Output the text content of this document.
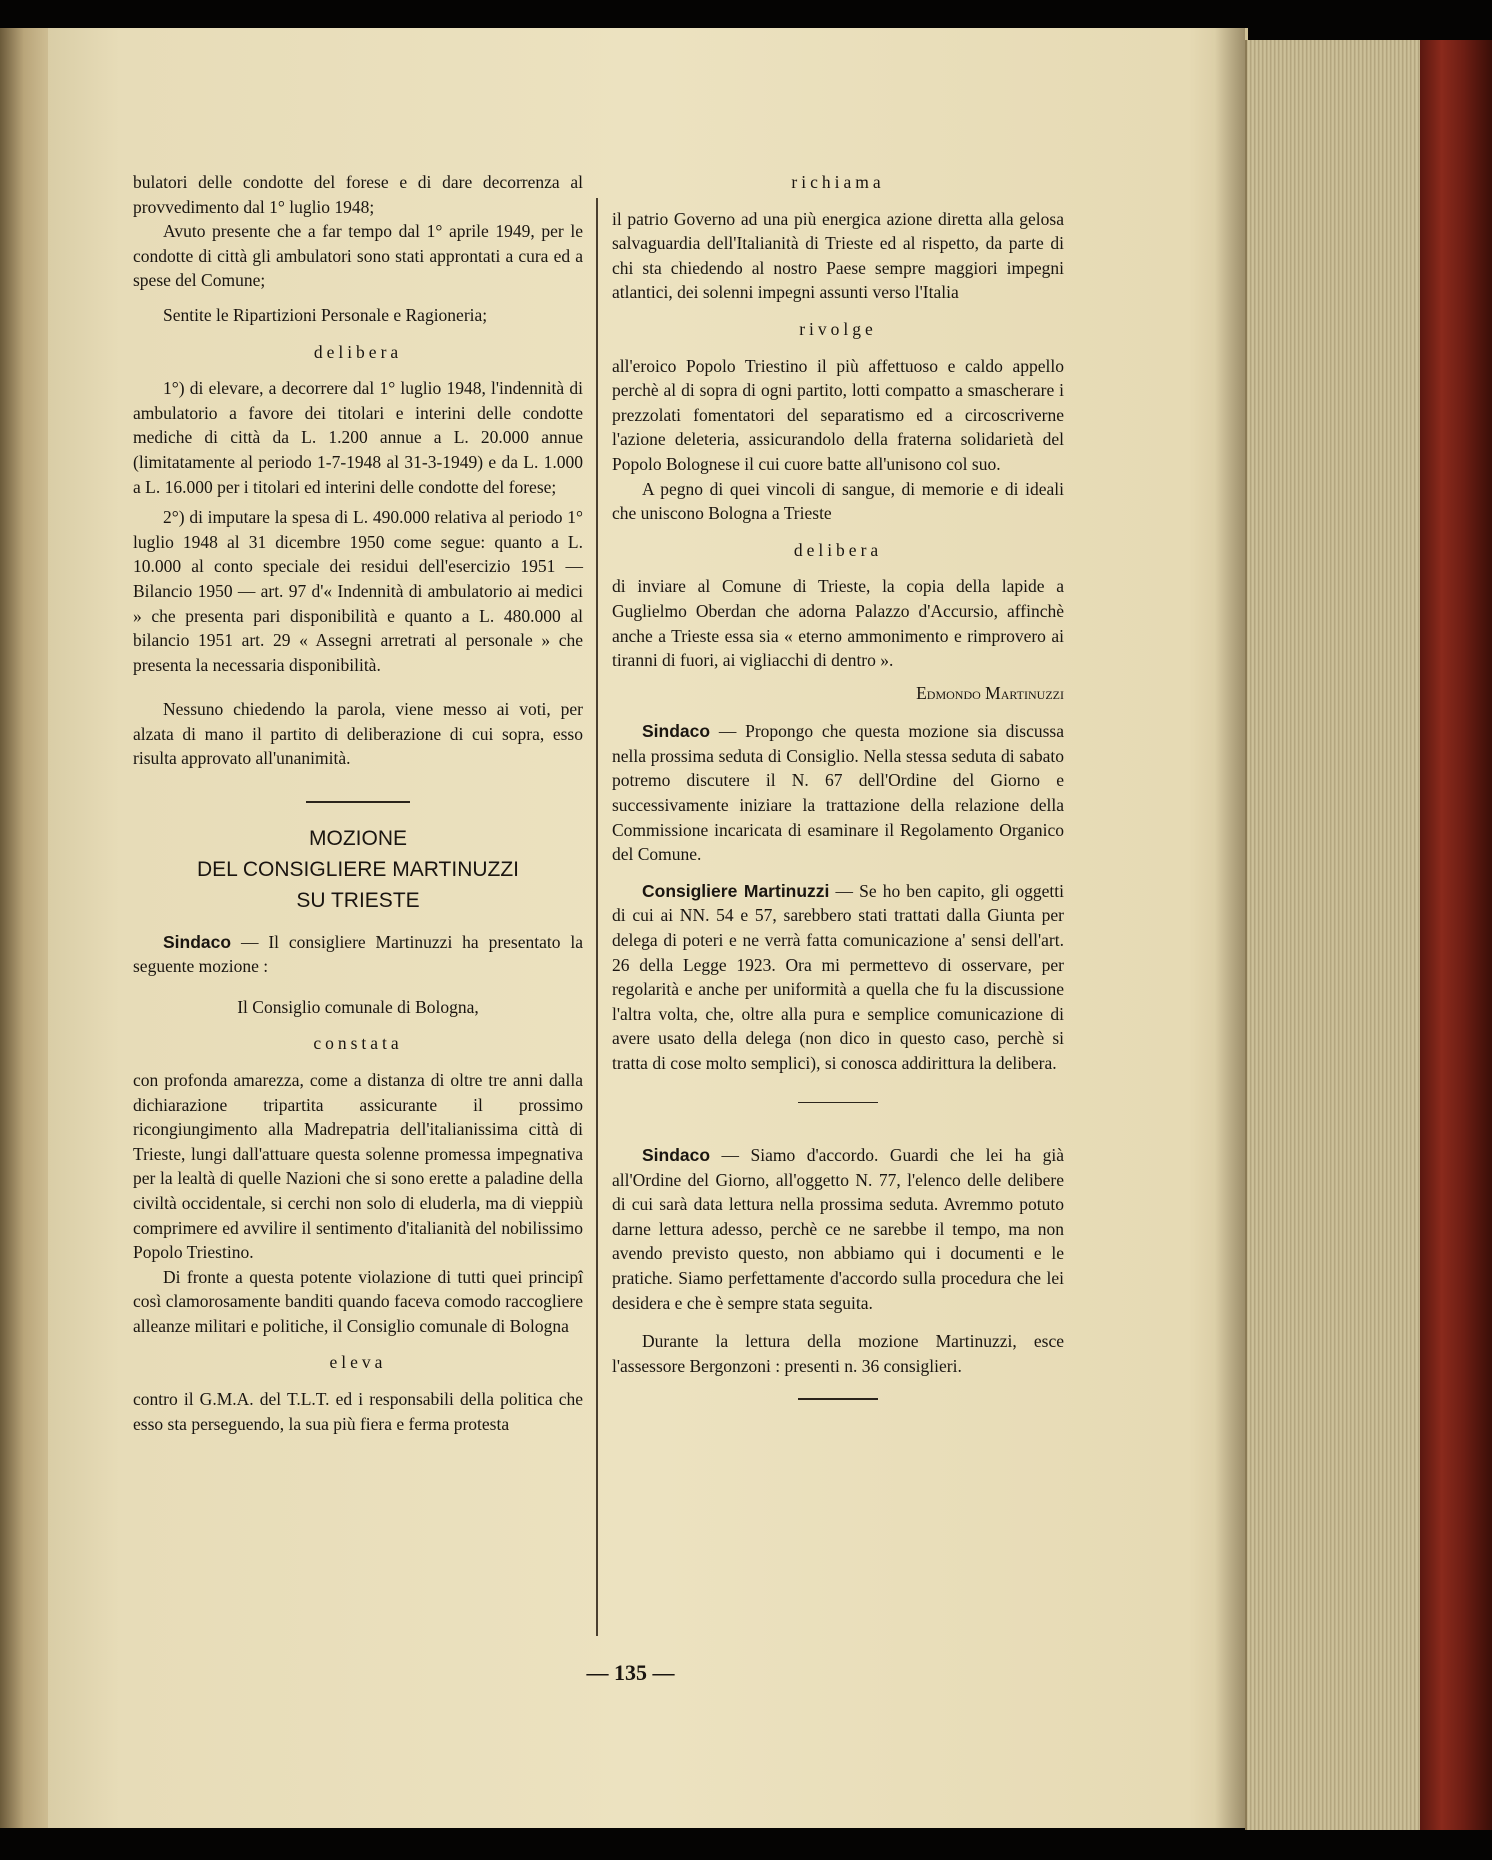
bulatori delle condotte del forese e di dare decorrenza al provvedimento dal 1° luglio 1948;

Avuto presente che a far tempo dal 1° aprile 1949, per le condotte di città gli ambulatori sono stati approntati a cura ed a spese del Comune;

Sentite le Ripartizioni Personale e Ragioneria;

delibera

1°) di elevare, a decorrere dal 1° luglio 1948, l'indennità di ambulatorio a favore dei titolari e interini delle condotte mediche di città da L. 1.200 annue a L. 20.000 annue (limitatamente al periodo 1-7-1948 al 31-3-1949) e da L. 1.000 a L. 16.000 per i titolari ed interini delle condotte del forese;

2°) di imputare la spesa di L. 490.000 relativa al periodo 1° luglio 1948 al 31 dicembre 1950 come segue: quanto a L. 10.000 al conto speciale dei residui dell'esercizio 1951 — Bilancio 1950 — art. 97 d'« Indennità di ambulatorio ai medici » che presenta pari disponibilità e quanto a L. 480.000 al bilancio 1951 art. 29 « Assegni arretrati al personale » che presenta la necessaria disponibilità.

Nessuno chiedendo la parola, viene messo ai voti, per alzata di mano il partito di deliberazione di cui sopra, esso risulta approvato all'unanimità.

MOZIONE
DEL CONSIGLIERE MARTINUZZI
SU TRIESTE

Sindaco — Il consigliere Martinuzzi ha presentato la seguente mozione :

Il Consiglio comunale di Bologna,

constata

con profonda amarezza, come a distanza di oltre tre anni dalla dichiarazione tripartita assicurante il prossimo ricongiungimento alla Madrepatria dell'italianissima città di Trieste, lungi dall'attuare questa solenne promessa impegnativa per la lealtà di quelle Nazioni che si sono erette a paladine della civiltà occidentale, si cerchi non solo di eluderla, ma di vieppiù comprimere ed avvilire il sentimento d'italianità del nobilissimo Popolo Triestino.

Di fronte a questa potente violazione di tutti quei principî così clamorosamente banditi quando faceva comodo raccogliere alleanze militari e politiche, il Consiglio comunale di Bologna

eleva

contro il G.M.A. del T.L.T. ed i responsabili della politica che esso sta perseguendo, la sua più fiera e ferma protesta

richiama

il patrio Governo ad una più energica azione diretta alla gelosa salvaguardia dell'Italianità di Trieste ed al rispetto, da parte di chi sta chiedendo al nostro Paese sempre maggiori impegni atlantici, dei solenni impegni assunti verso l'Italia

rivolge

all'eroico Popolo Triestino il più affettuoso e caldo appello perchè al di sopra di ogni partito, lotti compatto a smascherare i prezzolati fomentatori del separatismo ed a circoscriverne l'azione deleteria, assicurandolo della fraterna solidarietà del Popolo Bolognese il cui cuore batte all'unisono col suo.

A pegno di quei vincoli di sangue, di memorie e di ideali che uniscono Bologna a Trieste

delibera

di inviare al Comune di Trieste, la copia della lapide a Guglielmo Oberdan che adorna Palazzo d'Accursio, affinchè anche a Trieste essa sia « eterno ammonimento e rimprovero ai tiranni di fuori, ai vigliacchi di dentro ».

Edmondo Martinuzzi

Sindaco — Propongo che questa mozione sia discussa nella prossima seduta di Consiglio. Nella stessa seduta di sabato potremo discutere il N. 67 dell'Ordine del Giorno e successivamente iniziare la trattazione della relazione della Commissione incaricata di esaminare il Regolamento Organico del Comune.

Consigliere Martinuzzi — Se ho ben capito, gli oggetti di cui ai NN. 54 e 57, sarebbero stati trattati dalla Giunta per delega di poteri e ne verrà fatta comunicazione a' sensi dell'art. 26 della Legge 1923. Ora mi permettevo di osservare, per regolarità e anche per uniformità a quella che fu la discussione l'altra volta, che, oltre alla pura e semplice comunicazione di avere usato della delega (non dico in questo caso, perchè si tratta di cose molto semplici), si conosca addirittura la delibera.

Sindaco — Siamo d'accordo. Guardi che lei ha già all'Ordine del Giorno, all'oggetto N. 77, l'elenco delle delibere di cui sarà data lettura nella prossima seduta. Avremmo potuto darne lettura adesso, perchè ce ne sarebbe il tempo, ma non avendo previsto questo, non abbiamo qui i documenti e le pratiche. Siamo perfettamente d'accordo sulla procedura che lei desidera e che è sempre stata seguita.

Durante la lettura della mozione Martinuzzi, esce l'assessore Bergonzoni : presenti n. 36 consiglieri.

— 135 —
